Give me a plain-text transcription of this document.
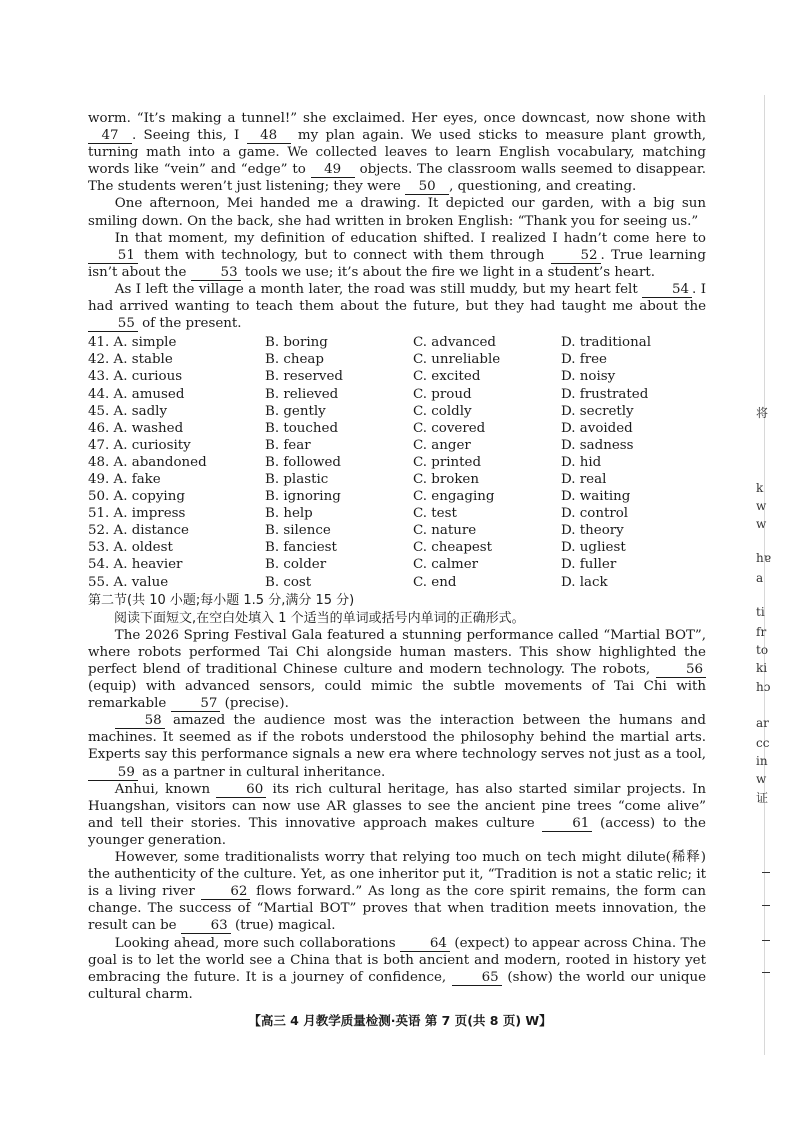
worm. “It’s making a tunnel!” she exclaimed. Her eyes, once downcast, now shone with 47 . Seeing this, I 48 my plan again. We used sticks to measure plant growth, turning math into a game. We collected leaves to learn English vocabulary, matching words like “vein” and “edge” to 49 objects. The classroom walls seemed to disappear. The students weren’t just listening; they were 50 , questioning, and creating.

One afternoon, Mei handed me a drawing. It depicted our garden, with a big sun smiling down. On the back, she had written in broken English: “Thank you for seeing us.”

In that moment, my definition of education shifted. I realized I hadn’t come here to 51 them with technology, but to connect with them through 52 . True learning isn’t about the 53 tools we use; it’s about the fire we light in a student’s heart.

As I left the village a month later, the road was still muddy, but my heart felt 54 . I had arrived wanting to teach them about the future, but they had taught me about the 55 of the present.

41. A. simple	B. boring	C. advanced	D. traditional
42. A. stable	B. cheap	C. unreliable	D. free
43. A. curious	B. reserved	C. excited	D. noisy
44. A. amused	B. relieved	C. proud	D. frustrated
45. A. sadly	B. gently	C. coldly	D. secretly
46. A. washed	B. touched	C. covered	D. avoided
47. A. curiosity	B. fear	C. anger	D. sadness
48. A. abandoned	B. followed	C. printed	D. hid
49. A. fake	B. plastic	C. broken	D. real
50. A. copying	B. ignoring	C. engaging	D. waiting
51. A. impress	B. help	C. test	D. control
52. A. distance	B. silence	C. nature	D. theory
53. A. oldest	B. fanciest	C. cheapest	D. ugliest
54. A. heavier	B. colder	C. calmer	D. fuller
55. A. value	B. cost	C. end	D. lack
第二节(共 10 小题;每小题 1.5 分,满分 15 分)
阅读下面短文,在空白处填入 1 个适当的单词或括号内单词的正确形式。

The 2026 Spring Festival Gala featured a stunning performance called “Martial BOT”, where robots performed Tai Chi alongside human masters. This show highlighted the perfect blend of traditional Chinese culture and modern technology. The robots, 56 (equip) with advanced sensors, could mimic the subtle movements of Tai Chi with remarkable 57 (precise).

58 amazed the audience most was the interaction between the humans and machines. It seemed as if the robots understood the philosophy behind the martial arts. Experts say this performance signals a new era where technology serves not just as a tool, 59 as a partner in cultural inheritance.

Anhui, known 60 its rich cultural heritage, has also started similar projects. In Huangshan, visitors can now use AR glasses to see the ancient pine trees “come alive” and tell their stories. This innovative approach makes culture 61 (access) to the younger generation.

However, some traditionalists worry that relying too much on tech might dilute(稀释) the authenticity of the culture. Yet, as one inheritor put it, “Tradition is not a static relic; it is a living river 62 flows forward.” As long as the core spirit remains, the form can change. The success of “Martial BOT” proves that when tradition meets innovation, the result can be 63 (true) magical.

Looking ahead, more such collaborations 64 (expect) to appear across China. The goal is to let the world see a China that is both ancient and modern, rooted in history yet embracing the future. It is a journey of confidence, 65 (show) the world our unique cultural charm.

【高三 4 月教学质量检测·英语 第 7 页(共 8 页) W】
将
k
w
w
hɐ
a
ti
fr
to
ki
hɔ
ar
cc
in
w
证
